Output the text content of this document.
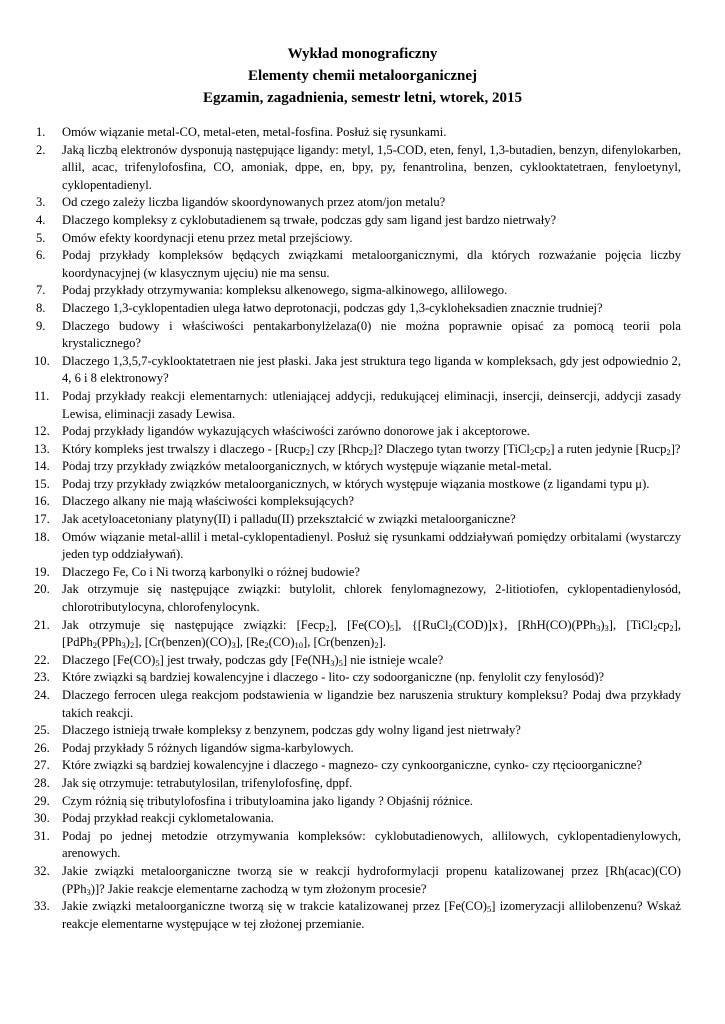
Wykład monograficzny
Elementy chemii metaloorganicznej
Egzamin, zagadnienia, semestr letni, wtorek, 2015
1.	Omów wiązanie metal-CO, metal-eten, metal-fosfina. Posłuż się rysunkami.
2.	Jaką liczbą elektronów dysponują następujące ligandy: metyl, 1,5-COD, eten, fenyl, 1,3-butadien, benzyn, difenylokarben, allil, acac, trifenylofosfina, CO, amoniak, dppe, en, bpy, py, fenantrolina, benzen, cyklooktatetraen, fenyloetynyl, cyklopentadienyl.
3.	Od czego zależy liczba ligandów skoordynowanych przez atom/jon metalu?
4.	Dlaczego kompleksy z cyklobutadienem są trwałe, podczas gdy sam ligand jest bardzo nietrwały?
5.	Omów efekty koordynacji etenu przez metal przejściowy.
6.	Podaj przykłady kompleksów będących związkami metaloorganicznymi, dla których rozważanie pojęcia liczby koordynacyjnej (w klasycznym ujęciu) nie ma sensu.
7.	Podaj przykłady otrzymywania: kompleksu alkenowego, sigma-alkinowego, allilowego.
8.	Dlaczego 1,3-cyklopentadien ulega łatwo deprotonacji, podczas gdy 1,3-cykloheksadien znacznie trudniej?
9.	Dlaczego budowy i właściwości pentakarbonylżelaza(0) nie można poprawnie opisać za pomocą teorii pola krystalicznego?
10. Dlaczego 1,3,5,7-cyklooktatetraen nie jest płaski. Jaka jest struktura tego liganda w kompleksach, gdy jest odpowiednio 2, 4, 6 i 8 elektronowy?
11.	Podaj przykłady reakcji elementarnych: utleniającej addycji, redukującej eliminacji, insercji, deinsercji, addycji zasady Lewisa, eliminacji zasady Lewisa.
12. Podaj przykłady ligandów wykazujących właściwości zarówno donorowe jak i akceptorowe.
13. Który kompleks jest trwalszy i dlaczego - [Rucp$_2$] czy [Rhcp$_2$]? Dlaczego tytan tworzy $[TiCl_2cp_2]$ a ruten jedynie [Rucp$_2$]?
14. Podaj trzy przykłady związków metaloorganicznych, w których występuje wiązanie metal-metal.
15. Podaj trzy przykłady związków metaloorganicznych, w których występuje wiązania mostkowe (z ligandami typu μ).
16. Dlaczego alkany nie mają właściwości kompleksujących?
17. Jak acetyloacetoniany platyny(II) i palladu(II) przekształcić w związki metaloorganiczne?
18. Omów wiązanie metal-allil i metal-cyklopentadienyl. Posłuż się rysunkami oddziaływań pomiędzy orbitalami (wystarczy jeden typ oddziaływań).
19. Dlaczego Fe, Co i Ni tworzą karbonylki o różnej budowie?
20. Jak otrzymuje się następujące związki: butylolit, chlorek fenylomagnezowy, 2-litiotiofen, cyklopentadienylosód, chlorotributylocyna, chlorofenylocynk.
21. Jak otrzymuje się następujące związki: [Fecp$_2$], $[Fe(CO)_5]$, {[RuCl$_2$(COD)]x}, $[RhH(CO)(PPh_3)_3]$, $[TiCl_2cp_2]$, $[PdPh_2(PPh_3)_2]$, $[Cr(benzen)(CO)_3]$, $[Re_2(CO)_{10}]$, $[Cr(benzen)_2]$.
22. Dlaczego $[Fe(CO)_5]$ jest trwały, podczas gdy $[Fe(NH_3)_5]$ nie istnieje wcale?
23. Które związki są bardziej kowalencyjne i dlaczego - lito- czy sodoorganiczne (np. fenylolit czy fenylosód)?
24. Dlaczego ferrocen ulega reakcjom podstawienia w ligandzie bez naruszenia struktury kompleksu? Podaj dwa przykłady takich reakcji.
25. Dlaczego istnieją trwałe kompleksy z benzynem, podczas gdy wolny ligand jest nietrwały?
26. Podaj przykłady 5 różnych ligandów sigma-karbylowych.
27. Które związki są bardziej kowalencyjne i dlaczego - magnezo- czy cynkoorganiczne, cynko- czy rtęcioorganiczne?
28. Jak się otrzymuje: tetrabutylosilan, trifenylofosfinę, dppf.
29. Czym różnią się tributylofosfina i tributyloamina jako ligandy ? Objaśnij różnice.
30. Podaj przykład reakcji cyklometalowania.
31. Podaj po jednej metodzie otrzymywania kompleksów: cyklobutadienowych, allilowych, cyklopentadienylowych, arenowych.
32. Jakie związki metaloorganiczne tworzą sie w reakcji hydroformylacji propenu katalizowanej przez [Rh(acac)(CO)(PPh$_3$)]? Jakie reakcje elementarne zachodzą w tym złożonym procesie?
33. Jakie związki metaloorganiczne tworzą się w trakcie katalizowanej przez $[Fe(CO)_5]$ izomeryzacji allilobenzenu? Wskaż reakcje elementarne występujące w tej złożonej przemianie.
